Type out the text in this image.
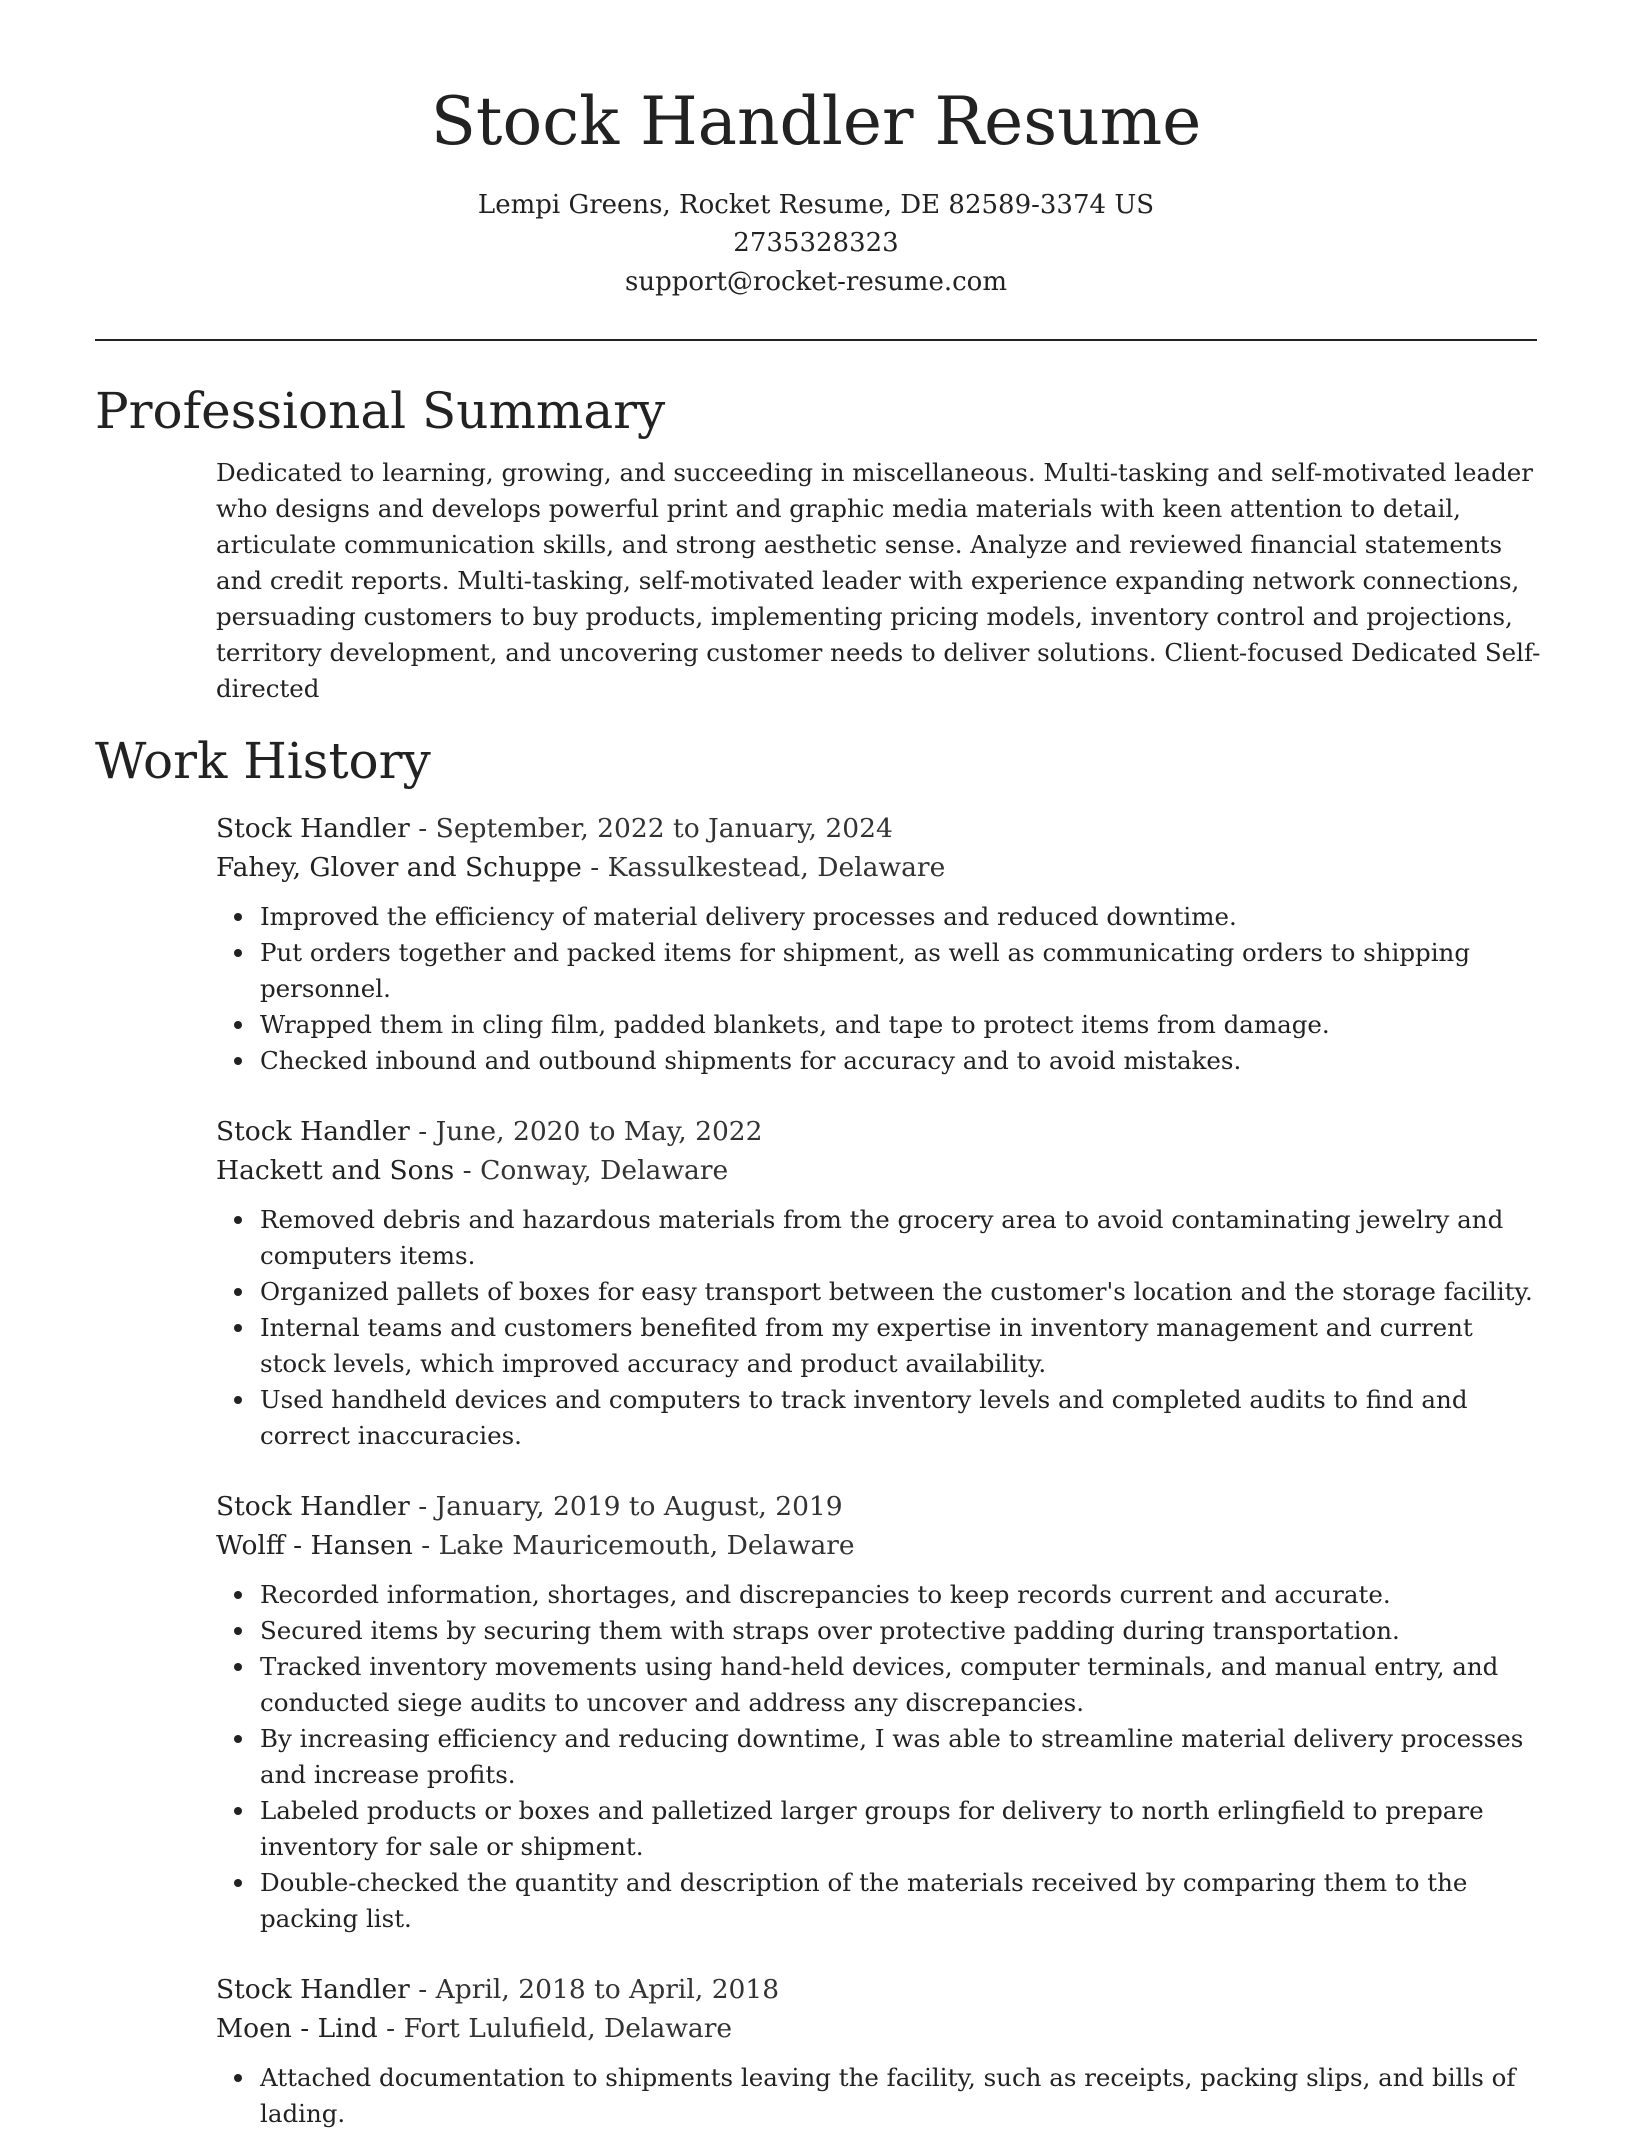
Stock Handler Resume
Lempi Greens, Rocket Resume, DE 82589-3374 US
2735328323
support@rocket-resume.com
Professional Summary

Dedicated to learning, growing, and succeeding in miscellaneous. Multi-tasking and self-motivated leader who designs and develops powerful print and graphic media materials with keen attention to detail, articulate communication skills, and strong aesthetic sense. Analyze and reviewed financial statements and credit reports. Multi-tasking, self-motivated leader with experience expanding network connections, persuading customers to buy products, implementing pricing models, inventory control and projections, territory development, and uncovering customer needs to deliver solutions. Client-focused Dedicated Self-directed

Work History
Stock Handler - September, 2022 to January, 2024
Fahey, Glover and Schuppe - Kassulkestead, Delaware
Improved the efficiency of material delivery processes and reduced downtime.
Put orders together and packed items for shipment, as well as communicating orders to shipping personnel.
Wrapped them in cling film, padded blankets, and tape to protect items from damage.
Checked inbound and outbound shipments for accuracy and to avoid mistakes.
Stock Handler - June, 2020 to May, 2022
Hackett and Sons - Conway, Delaware
Removed debris and hazardous materials from the grocery area to avoid contaminating jewelry and computers items.
Organized pallets of boxes for easy transport between the customer's location and the storage facility.
Internal teams and customers benefited from my expertise in inventory management and current stock levels, which improved accuracy and product availability.
Used handheld devices and computers to track inventory levels and completed audits to find and correct inaccuracies.
Stock Handler - January, 2019 to August, 2019
Wolff - Hansen - Lake Mauricemouth, Delaware
Recorded information, shortages, and discrepancies to keep records current and accurate.
Secured items by securing them with straps over protective padding during transportation.
Tracked inventory movements using hand-held devices, computer terminals, and manual entry, and conducted siege audits to uncover and address any discrepancies.
By increasing efficiency and reducing downtime, I was able to streamline material delivery processes and increase profits.
Labeled products or boxes and palletized larger groups for delivery to north erlingfield to prepare inventory for sale or shipment.
Double-checked the quantity and description of the materials received by comparing them to the packing list.
Stock Handler - April, 2018 to April, 2018
Moen - Lind - Fort Lulufield, Delaware
Attached documentation to shipments leaving the facility, such as receipts, packing slips, and bills of lading.
